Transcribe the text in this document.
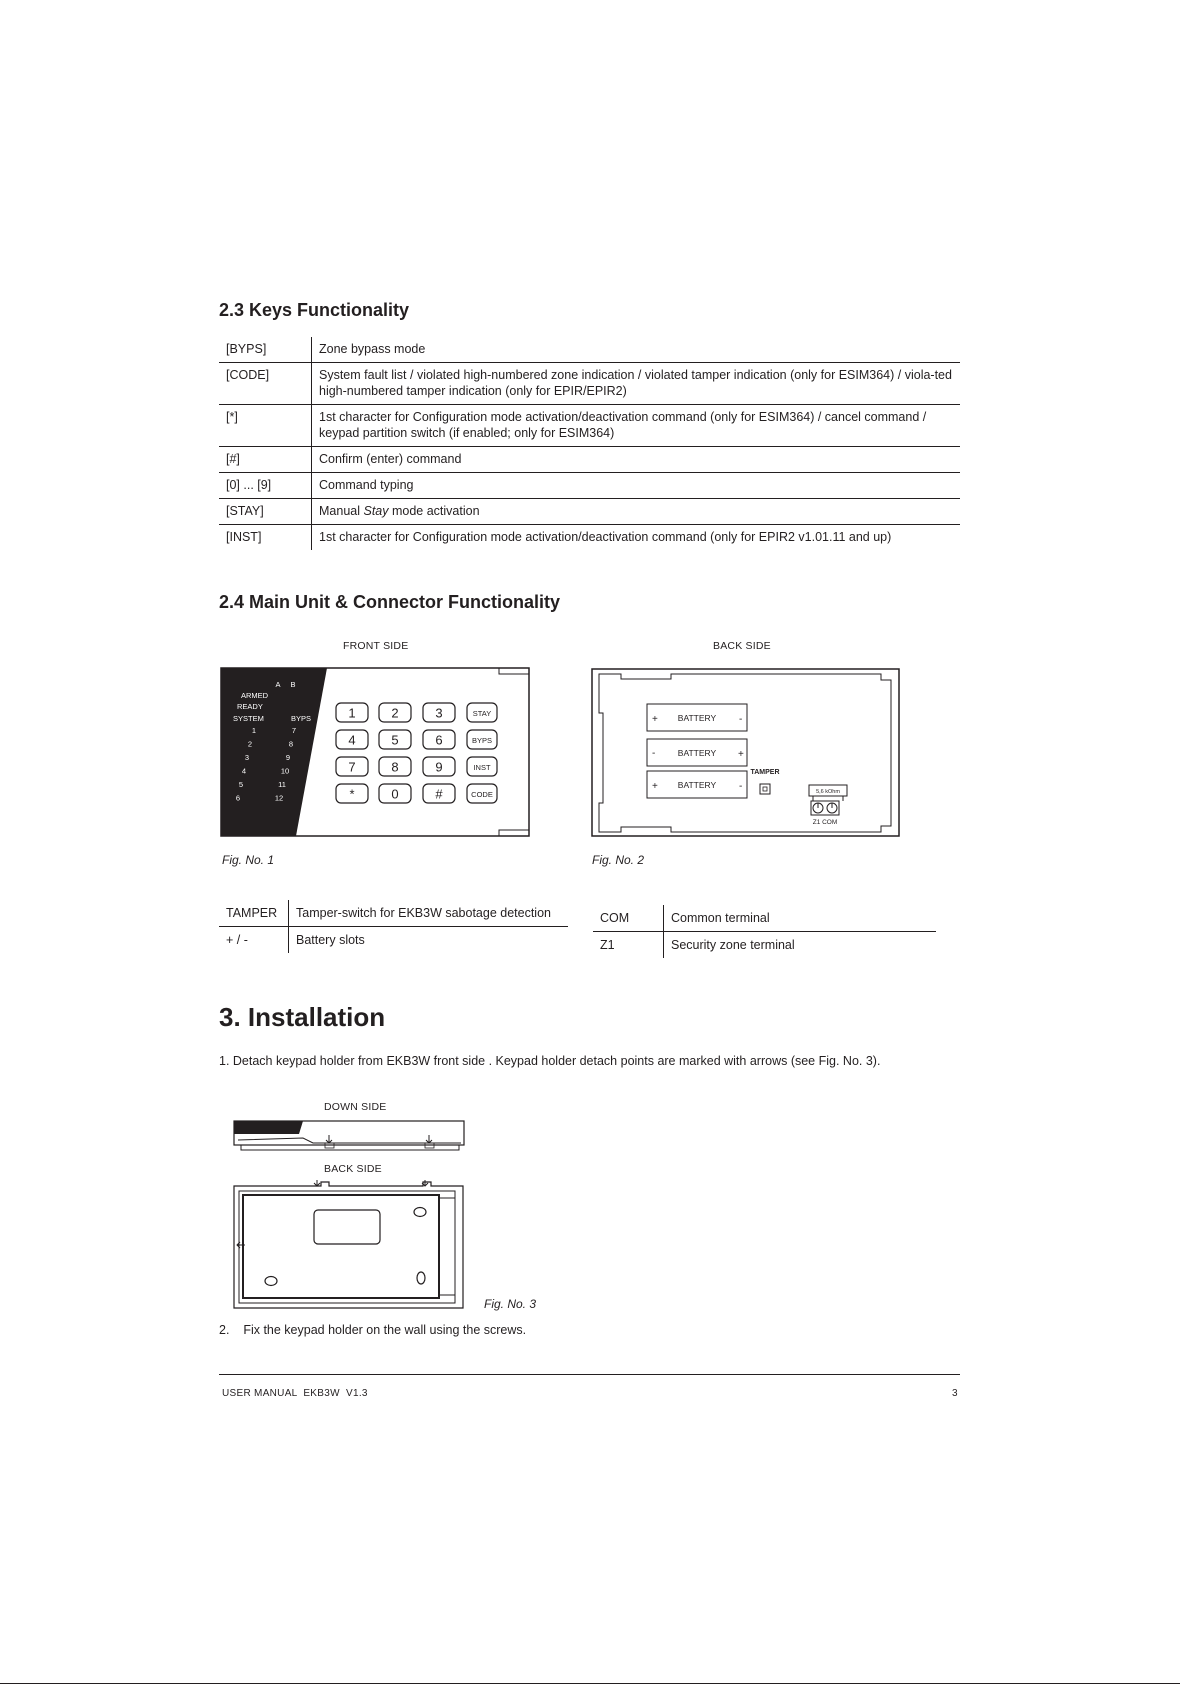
2.3 Keys Functionality
[BYPS]	Zone bypass mode
[CODE]	System fault list / violated high-numbered zone indication / violated tamper indication (only for ESIM364) / viola-ted high-numbered tamper indication (only for EPIR/EPIR2)
[*]	1st character for Configuration mode activation/deactivation command (only for ESIM364) / cancel command / keypad partition switch (if enabled; only for ESIM364)
[#]	Confirm (enter) command
[0] ... [9]	Command typing
[STAY]	Manual Stay mode activation
[INST]	1st character for Configuration mode activation/deactivation command (only for EPIR2 v1.01.11 and up)
2.4 Main Unit & Connector Functionality
FRONT SIDE	BACK SIDE
A B
ARMED
READY
SYSTEM	BYPS
1	7
2	8
3	9
4	10
5	11
6	12
1	2	3	STAY
4	5	6	BYPS
7	8	9	INST
*	0	#	CODE
Fig. No. 1
+ BATTERY -
-	BATTERY +
+ BATTERY -
TAMPER
5,6 kOhm
Z1 COM
Fig. No. 2
TAMPER	Tamper-switch for EKB3W sabotage detection
+ / -	Battery slots
COM	Common terminal
Z1	Security zone terminal
3. Installation
1. Detach keypad holder from EKB3W front side . Keypad holder detach points are marked with arrows (see Fig. No. 3).
DOWN SIDE
BACK SIDE
Fig. No. 3
2.    Fix the keypad holder on the wall using the screws.
USER MANUAL  EKB3W  V1.3	3
